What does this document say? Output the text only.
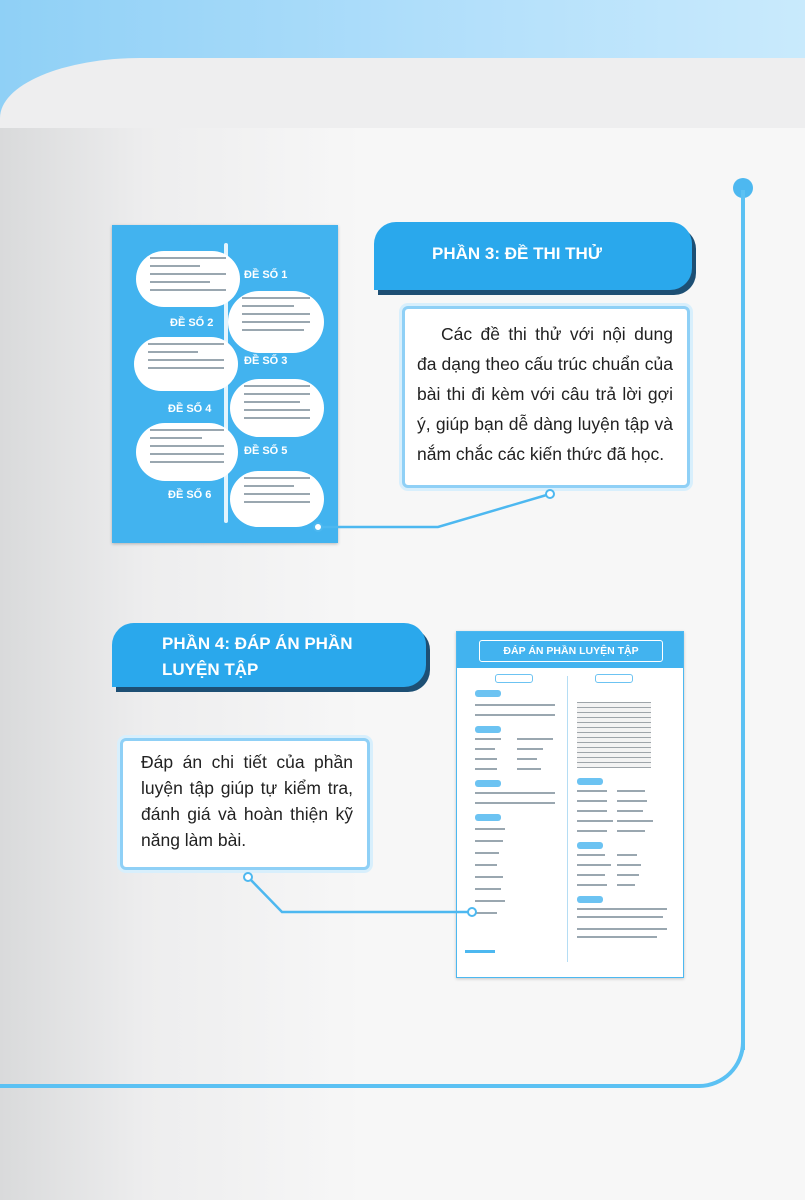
ĐỀ SỐ 1
ĐỀ SỐ 2
ĐỀ SỐ 3
ĐỀ SỐ 4
ĐỀ SỐ 5
ĐỀ SỐ 6
PHẦN 3: ĐỀ THI THỬ

Các đề thi thử với nội dung đa dạng theo cấu trúc chuẩn của bài thi đi kèm với câu trả lời gợi ý, giúp bạn dễ dàng luyện tập và nắm chắc các kiến thức đã học.

PHẦN 4: ĐÁP ÁN PHẦN LUYỆN TẬP

Đáp án chi tiết của phần luyện tập giúp tự kiểm tra, đánh giá và hoàn thiện kỹ năng làm bài.

ĐÁP ÁN PHẦN LUYỆN TẬP
